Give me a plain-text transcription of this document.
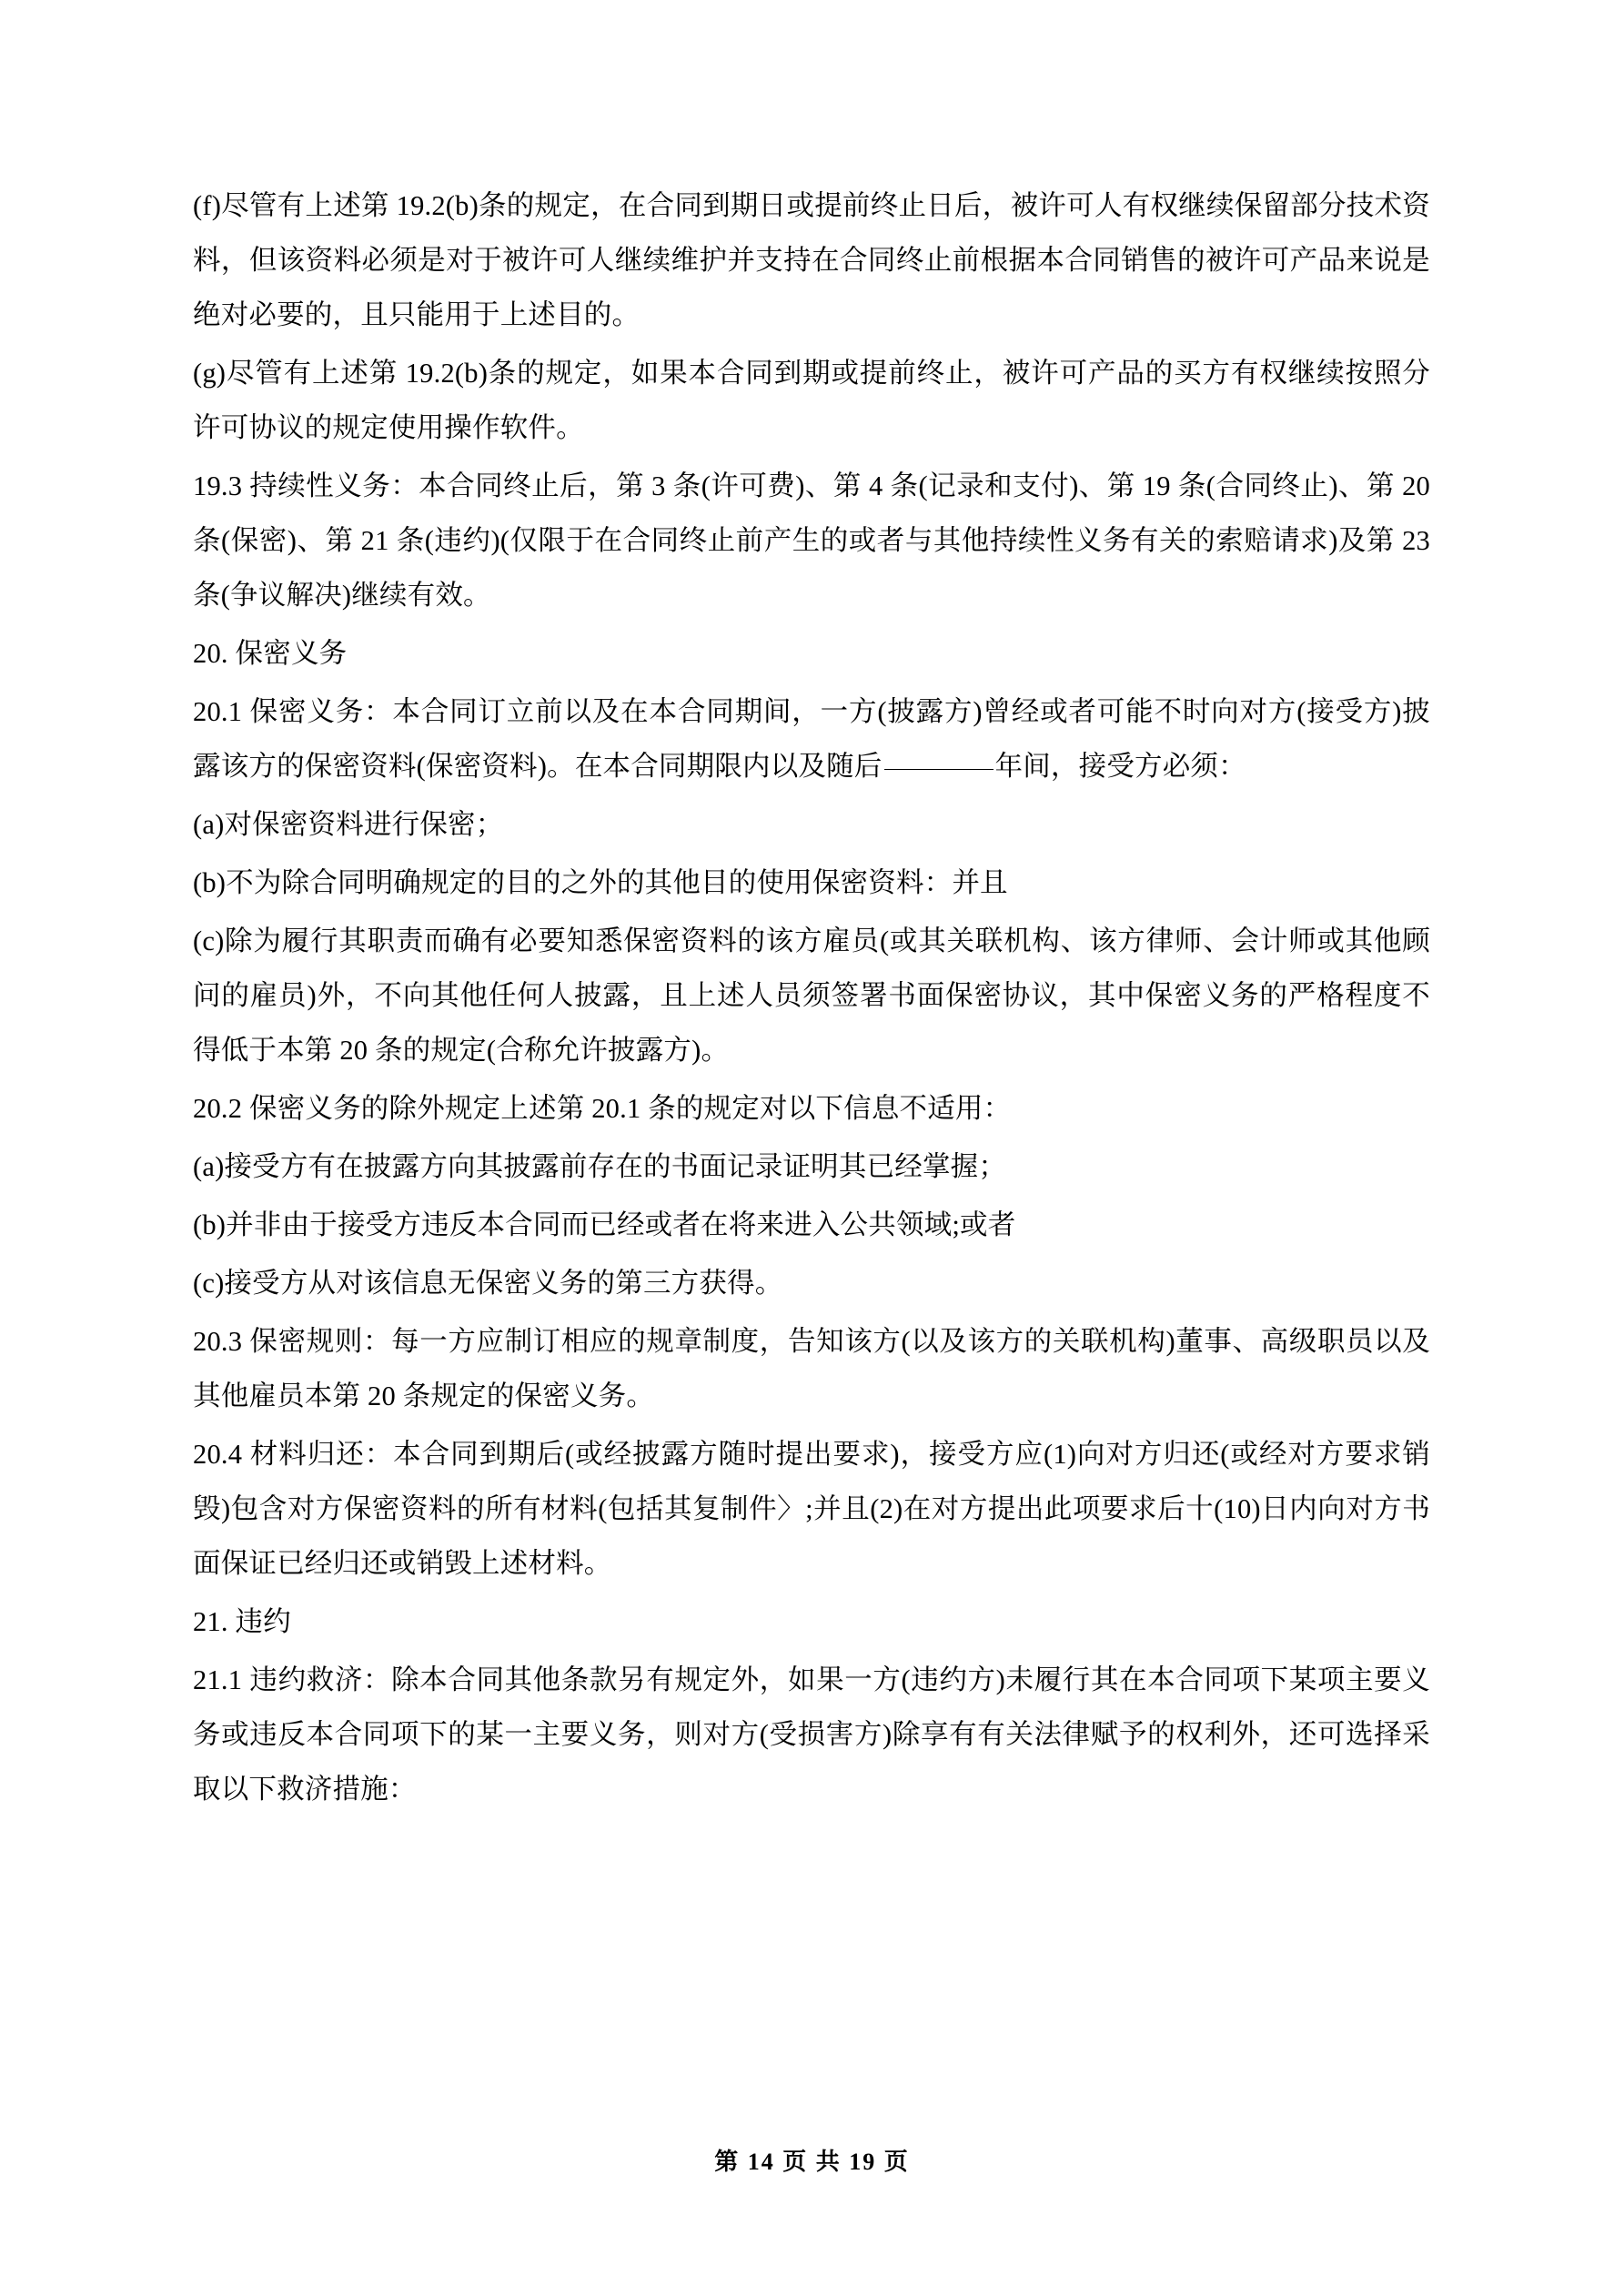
(f)尽管有上述第 19.2(b)条的规定，在合同到期日或提前终止日后，被许可人有权继续保留部分技术资料，但该资料必须是对于被许可人继续维护并支持在合同终止前根据本合同销售的被许可产品来说是绝对必要的，且只能用于上述目的。

(g)尽管有上述第 19.2(b)条的规定，如果本合同到期或提前终止，被许可产品的买方有权继续按照分许可协议的规定使用操作软件。

19.3 持续性义务：本合同终止后，第 3 条(许可费)、第 4 条(记录和支付)、第 19 条(合同终止)、第 20 条(保密)、第 21 条(违约)(仅限于在合同终止前产生的或者与其他持续性义务有关的索赔请求)及第 23 条(争议解决)继续有效。

20. 保密义务

20.1 保密义务：本合同订立前以及在本合同期间，一方(披露方)曾经或者可能不时向对方(接受方)披露该方的保密资料(保密资料)。在本合同期限内以及随后	年间，接受方必须：

(a)对保密资料进行保密；

(b)不为除合同明确规定的目的之外的其他目的使用保密资料：并且

(c)除为履行其职责而确有必要知悉保密资料的该方雇员(或其关联机构、该方律师、会计师或其他顾问的雇员)外，不向其他任何人披露，且上述人员须签署书面保密协议，其中保密义务的严格程度不得低于本第 20 条的规定(合称允许披露方)。

20.2 保密义务的除外规定上述第 20.1 条的规定对以下信息不适用：

(a)接受方有在披露方向其披露前存在的书面记录证明其已经掌握；

(b)并非由于接受方违反本合同而已经或者在将来进入公共领域;或者

(c)接受方从对该信息无保密义务的第三方获得。

20.3 保密规则：每一方应制订相应的规章制度，告知该方(以及该方的关联机构)董事、高级职员以及其他雇员本第 20 条规定的保密义务。

20.4 材料归还：本合同到期后(或经披露方随时提出要求)，接受方应(1)向对方归还(或经对方要求销毁)包含对方保密资料的所有材料(包括其复制件〉;并且(2)在对方提出此项要求后十(10)日内向对方书面保证已经归还或销毁上述材料。

21. 违约

21.1 违约救济：除本合同其他条款另有规定外，如果一方(违约方)未履行其在本合同项下某项主要义务或违反本合同项下的某一主要义务，则对方(受损害方)除享有有关法律赋予的权利外，还可选择采取以下救济措施：

第 14 页 共 19 页
